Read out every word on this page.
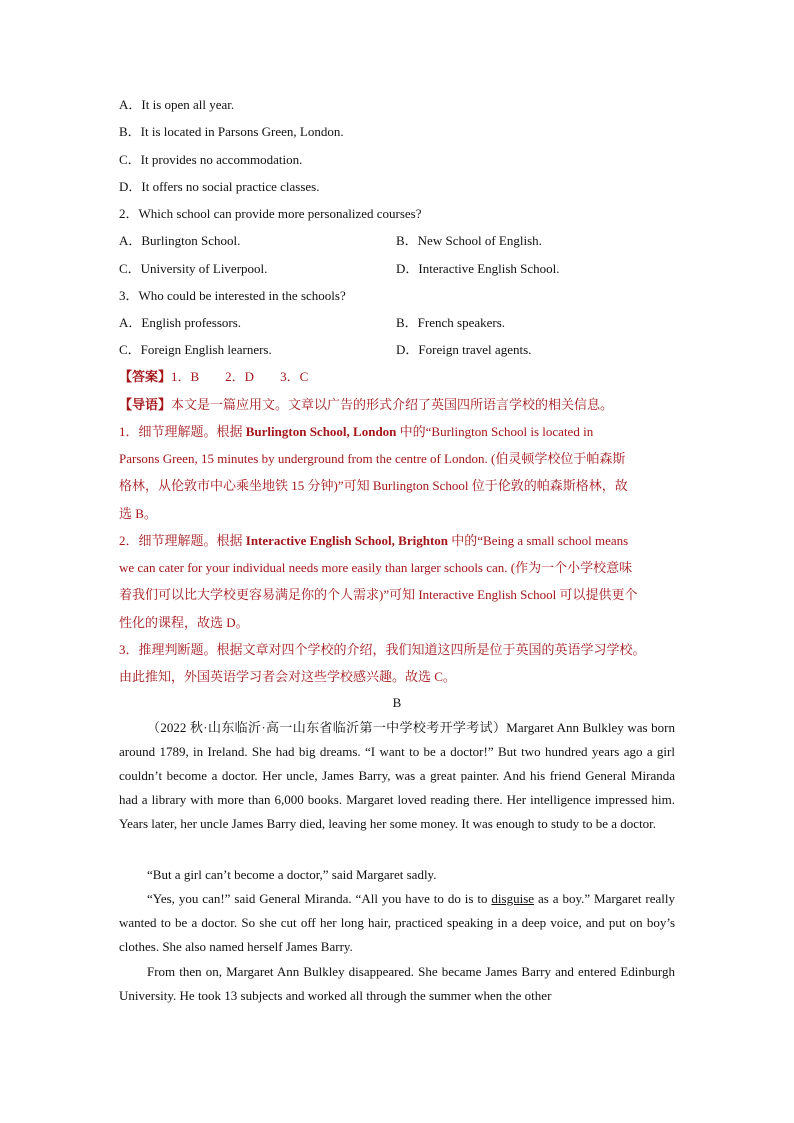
A．It is open all year.
B．It is located in Parsons Green, London.
C．It provides no accommodation.
D．It offers no social practice classes.
2．Which school can provide more personalized courses?
A．Burlington School.	B．New School of English.
C．University of Liverpool.	D．Interactive English School.
3．Who could be interested in the schools?
A．English professors.	B．French speakers.
C．Foreign English learners.	D．Foreign travel agents.
【答案】1．B　　2．D　　3．C
【导语】本文是一篇应用文。文章以广告的形式介绍了英国四所语言学校的相关信息。
1．细节理解题。根据 Burlington School, London 中的“Burlington School is located in
Parsons Green, 15 minutes by underground from the centre of London. (伯灵顿学校位于帕森斯
格林，从伦敦市中心乘坐地铁 15 分钟)”可知 Burlington School 位于伦敦的帕森斯格林，故
选 B。
2．细节理解题。根据 Interactive English School, Brighton 中的“Being a small school means
we can cater for your individual needs more easily than larger schools can. (作为一个小学校意味
着我们可以比大学校更容易满足你的个人需求)”可知 Interactive English School 可以提供更个
性化的课程，故选 D。
3．推理判断题。根据文章对四个学校的介绍，我们知道这四所是位于英国的英语学习学校。
由此推知，外国英语学习者会对这些学校感兴趣。故选 C。
B
（2022 秋·山东临沂·高一山东省临沂第一中学校考开学考试）Margaret Ann Bulkley was born around 1789, in Ireland. She had big dreams. “I want to be a doctor!” But two hundred years ago a girl couldn’t become a doctor. Her uncle, James Barry, was a great painter. And his friend General Miranda had a library with more than 6,000 books. Margaret loved reading there. Her intelligence impressed him. Years later, her uncle James Barry died, leaving her some money. It was enough to study to be a doctor.
“But a girl can’t become a doctor,” said Margaret sadly.
“Yes, you can!” said General Miranda. “All you have to do is to disguise as a boy.” Margaret really wanted to be a doctor. So she cut off her long hair, practiced speaking in a deep voice, and put on boy’s clothes. She also named herself James Barry.
From then on, Margaret Ann Bulkley disappeared. She became James Barry and entered Edinburgh University. He took 13 subjects and worked all through the summer when the other
